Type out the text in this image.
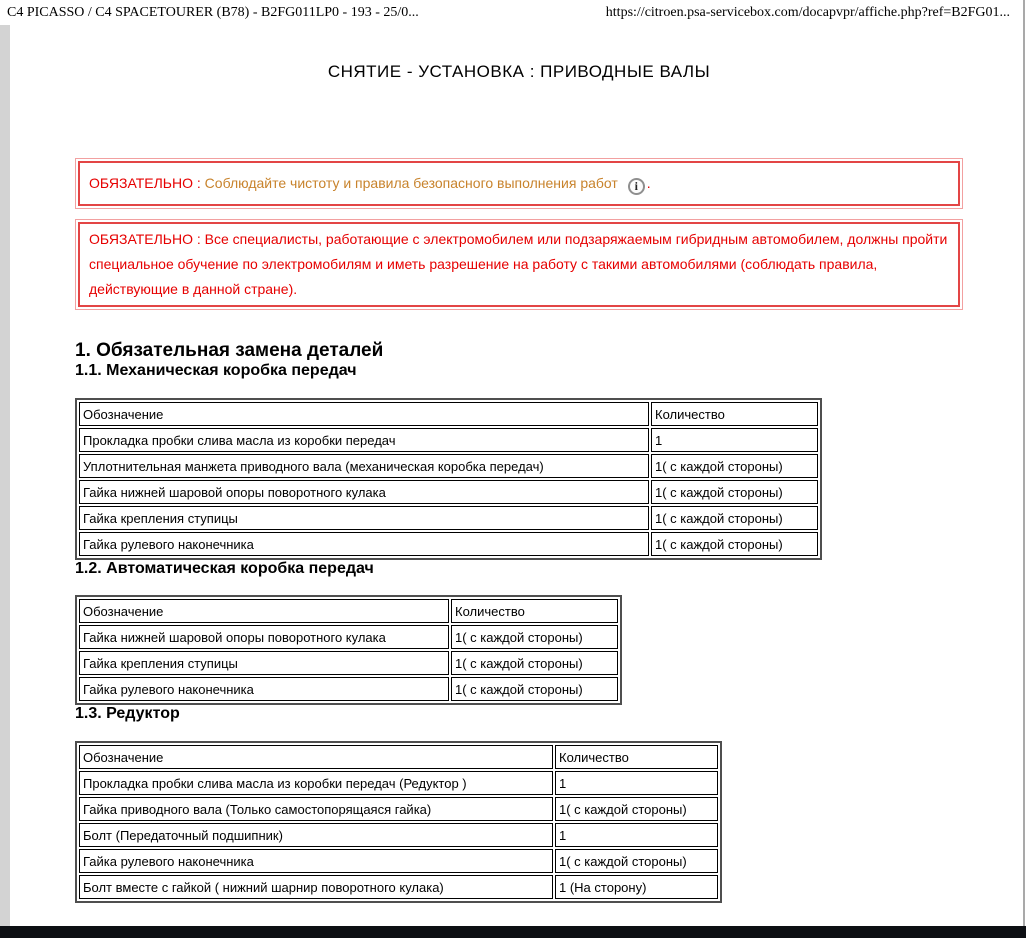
C4 PICASSO / C4 SPACETOURER (B78) - B2FG011LP0 - 193 - 25/0...	https://citroen.psa-servicebox.com/docapvpr/affiche.php?ref=B2FG01...
СНЯТИЕ - УСТАНОВКА : ПРИВОДНЫЕ ВАЛЫ
ОБЯЗАТЕЛЬНО : Соблюдайте чистоту и правила безопасного выполнения работ i .
ОБЯЗАТЕЛЬНО : Все специалисты, работающие с электромобилем или подзаряжаемым гибридным автомобилем, должны пройти специальное обучение по электромобилям и иметь разрешение на работу с такими автомобилями (соблюдать правила, действующие в данной стране).
1. Обязательная замена деталей
1.1. Механическая коробка передач
Обозначение	Количество
Прокладка пробки слива масла из коробки передач	1
Уплотнительная манжета приводного вала (механическая коробка передач)	1( с каждой стороны)
Гайка нижней шаровой опоры поворотного кулака	1( с каждой стороны)
Гайка крепления ступицы	1( с каждой стороны)
Гайка рулевого наконечника	1( с каждой стороны)
1.2. Автоматическая коробка передач
Обозначение	Количество
Гайка нижней шаровой опоры поворотного кулака	1( с каждой стороны)
Гайка крепления ступицы	1( с каждой стороны)
Гайка рулевого наконечника	1( с каждой стороны)
1.3. Редуктор
Обозначение	Количество
Прокладка пробки слива масла из коробки передач (Редуктор )	1
Гайка приводного вала (Только самостопорящаяся гайка)	1( с каждой стороны)
Болт (Передаточный подшипник)	1
Гайка рулевого наконечника	1( с каждой стороны)
Болт вместе с гайкой ( нижний шарнир поворотного кулака)	1 (На сторону)
